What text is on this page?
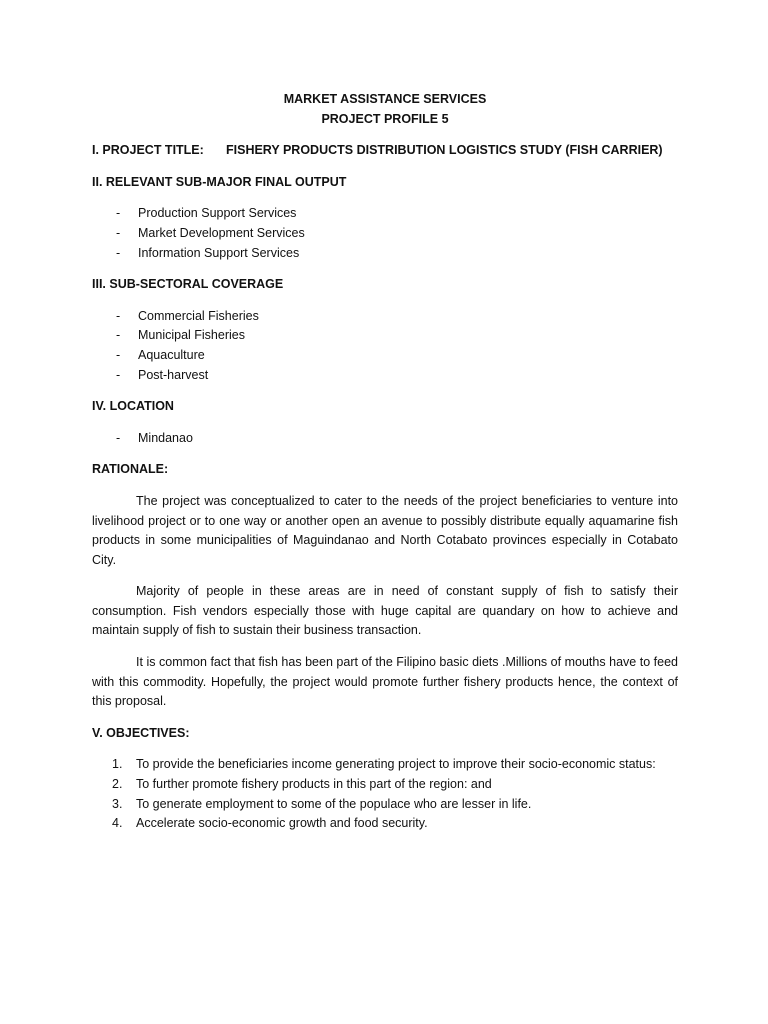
MARKET ASSISTANCE SERVICES

PROJECT PROFILE 5

I. PROJECT TITLE:	FISHERY PRODUCTS DISTRIBUTION LOGISTICS STUDY (FISH CARRIER)

II. RELEVANT SUB-MAJOR FINAL OUTPUT

-	Production Support Services
-	Market Development Services
-	Information Support Services

III. SUB-SECTORAL COVERAGE

-	Commercial Fisheries
-	Municipal Fisheries
-	Aquaculture
-	Post-harvest

IV. LOCATION

-	Mindanao

RATIONALE:

The project was conceptualized to cater to the needs of the project beneficiaries to venture into livelihood project or to one way or another open an avenue to possibly distribute equally aquamarine fish products in some municipalities of Maguindanao and North Cotabato provinces especially in Cotabato City.

Majority of people in these areas are in need of constant supply of fish to satisfy their consumption. Fish vendors especially those with huge capital are quandary on how to achieve and maintain supply of fish to sustain their business transaction.

It is common fact that fish has been part of the Filipino basic diets .Millions of mouths have to feed with this commodity. Hopefully, the project would promote further fishery products hence, the context of this proposal.

V. OBJECTIVES:

1.	To provide the beneficiaries income generating project to improve their socio-economic status:
2.	To further promote fishery products in this part of the region: and
3.	To generate employment to some of the populace who are lesser in life.
4.	Accelerate socio-economic growth and food security.
